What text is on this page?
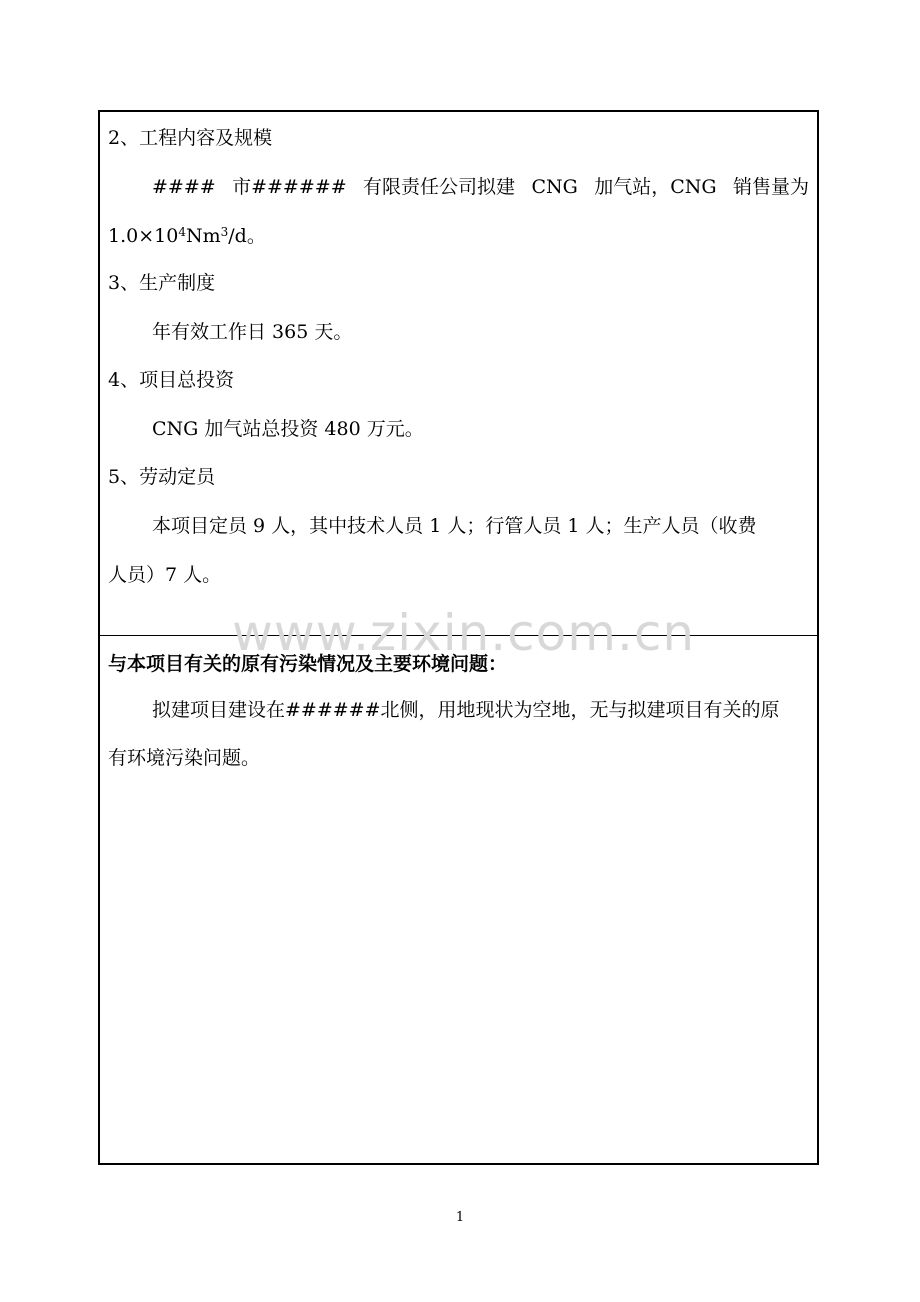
2、工程内容及规模
#### 市###### 有限责任公司拟建 CNG 加气站，CNG 销售量为
$1.0\times 10^4Nm^3/d$。
3、生产制度
年有效工作日 365 天。
4、项目总投资
CNG 加气站总投资 480 万元。
5、劳动定员
本项目定员 9 人，其中技术人员 1 人；行管人员 1 人；生产人员（收费
人员）7 人。
与本项目有关的原有污染情况及主要环境问题：
拟建项目建设在######北侧，用地现状为空地，无与拟建项目有关的原
有环境污染问题。
www.zixin.com.cn
1
